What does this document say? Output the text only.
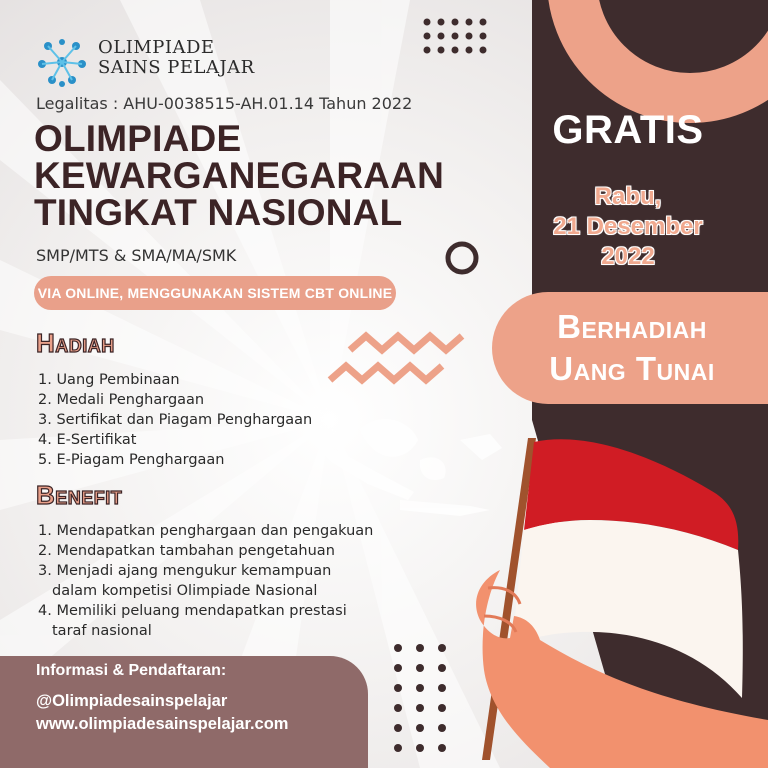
OLIMPIADE
SAINS PELAJAR
Legalitas : AHU-0038515-AH.01.14 Tahun 2022
OLIMPIADE
KEWARGANEGARAAN
TINGKAT NASIONAL
SMP/MTS & SMA/MA/SMK
VIA ONLINE, MENGGUNAKAN SISTEM CBT ONLINE
Hadiah
1. Uang Pembinaan
2. Medali Penghargaan
3. Sertifikat dan Piagam Penghargaan
4. E-Sertifikat
5. E-Piagam Penghargaan
Benefit
1. Mendapatkan penghargaan dan pengakuan
2. Mendapatkan tambahan pengetahuan
3. Menjadi ajang mengukur kemampuan
dalam kompetisi Olimpiade Nasional
4. Memiliki peluang mendapatkan prestasi
taraf nasional
Informasi & Pendaftaran:
@Olimpiadesainspelajar
www.olimpiadesainspelajar.com
GRATIS
Rabu,
21 Desember
2022
Berhadiah
Uang Tunai
